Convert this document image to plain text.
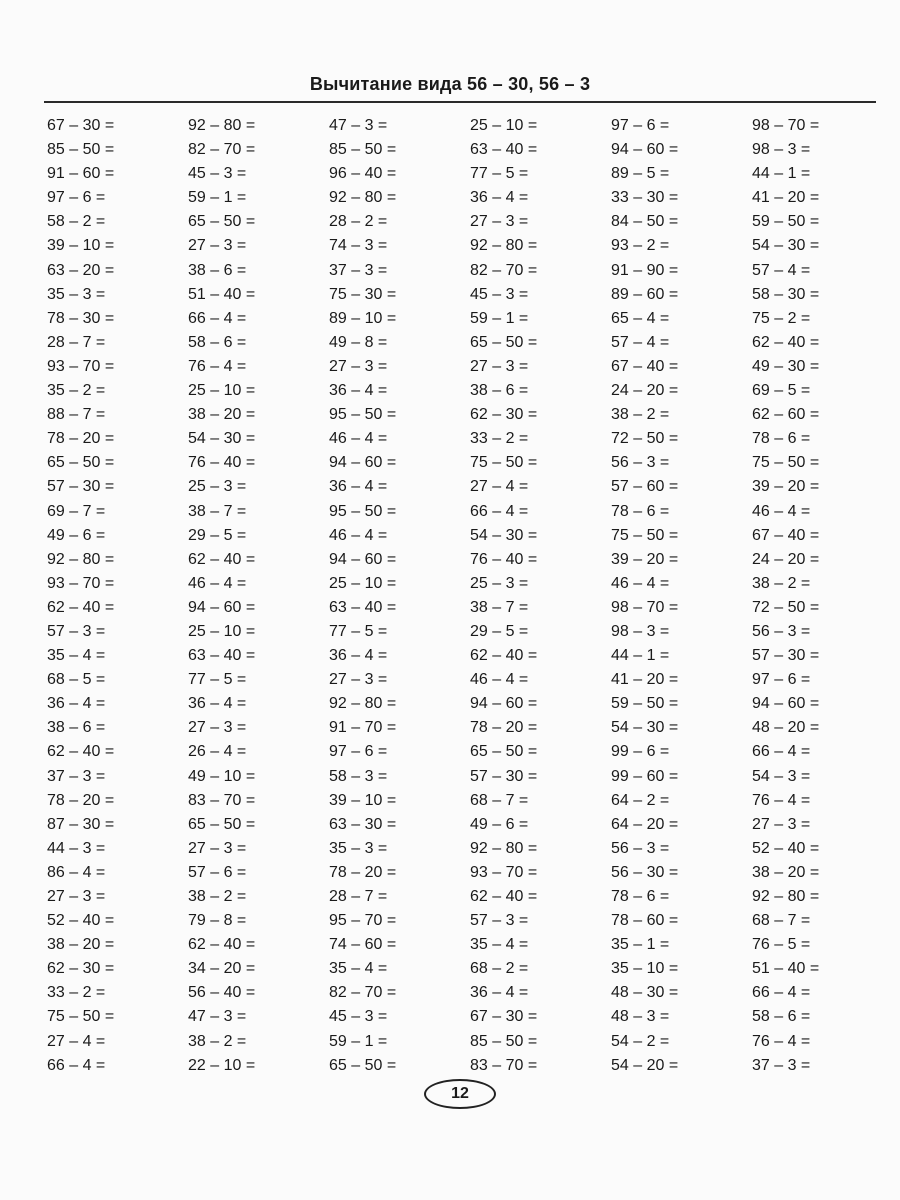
Вычитание вида 56 – 30, 56 – 3
67 – 30 =	92 – 80 =	47 – 3 =	25 – 10 =	97 – 6 =	98 – 70 =
85 – 50 =	82 – 70 =	85 – 50 =	63 – 40 =	94 – 60 =	98 – 3 =
91 – 60 =	45 – 3 =	96 – 40 =	77 – 5 =	89 – 5 =	44 – 1 =
97 – 6 =	59 – 1 =	92 – 80 =	36 – 4 =	33 – 30 =	41 – 20 =
58 – 2 =	65 – 50 =	28 – 2 =	27 – 3 =	84 – 50 =	59 – 50 =
39 – 10 =	27 – 3 =	74 – 3 =	92 – 80 =	93 – 2 =	54 – 30 =
63 – 20 =	38 – 6 =	37 – 3 =	82 – 70 =	91 – 90 =	57 – 4 =
35 – 3 =	51 – 40 =	75 – 30 =	45 – 3 =	89 – 60 =	58 – 30 =
78 – 30 =	66 – 4 =	89 – 10 =	59 – 1 =	65 – 4 =	75 – 2 =
28 – 7 =	58 – 6 =	49 – 8 =	65 – 50 =	57 – 4 =	62 – 40 =
93 – 70 =	76 – 4 =	27 – 3 =	27 – 3 =	67 – 40 =	49 – 30 =
35 – 2 =	25 – 10 =	36 – 4 =	38 – 6 =	24 – 20 =	69 – 5 =
88 – 7 =	38 – 20 =	95 – 50 =	62 – 30 =	38 – 2 =	62 – 60 =
78 – 20 =	54 – 30 =	46 – 4 =	33 – 2 =	72 – 50 =	78 – 6 =
65 – 50 =	76 – 40 =	94 – 60 =	75 – 50 =	56 – 3 =	75 – 50 =
57 – 30 =	25 – 3 =	36 – 4 =	27 – 4 =	57 – 60 =	39 – 20 =
69 – 7 =	38 – 7 =	95 – 50 =	66 – 4 =	78 – 6 =	46 – 4 =
49 – 6 =	29 – 5 =	46 – 4 =	54 – 30 =	75 – 50 =	67 – 40 =
92 – 80 =	62 – 40 =	94 – 60 =	76 – 40 =	39 – 20 =	24 – 20 =
93 – 70 =	46 – 4 =	25 – 10 =	25 – 3 =	46 – 4 =	38 – 2 =
62 – 40 =	94 – 60 =	63 – 40 =	38 – 7 =	98 – 70 =	72 – 50 =
57 – 3 =	25 – 10 =	77 – 5 =	29 – 5 =	98 – 3 =	56 – 3 =
35 – 4 =	63 – 40 =	36 – 4 =	62 – 40 =	44 – 1 =	57 – 30 =
68 – 5 =	77 – 5 =	27 – 3 =	46 – 4 =	41 – 20 =	97 – 6 =
36 – 4 =	36 – 4 =	92 – 80 =	94 – 60 =	59 – 50 =	94 – 60 =
38 – 6 =	27 – 3 =	91 – 70 =	78 – 20 =	54 – 30 =	48 – 20 =
62 – 40 =	26 – 4 =	97 – 6 =	65 – 50 =	99 – 6 =	66 – 4 =
37 – 3 =	49 – 10 =	58 – 3 =	57 – 30 =	99 – 60 =	54 – 3 =
78 – 20 =	83 – 70 =	39 – 10 =	68 – 7 =	64 – 2 =	76 – 4 =
87 – 30 =	65 – 50 =	63 – 30 =	49 – 6 =	64 – 20 =	27 – 3 =
44 – 3 =	27 – 3 =	35 – 3 =	92 – 80 =	56 – 3 =	52 – 40 =
86 – 4 =	57 – 6 =	78 – 20 =	93 – 70 =	56 – 30 =	38 – 20 =
27 – 3 =	38 – 2 =	28 – 7 =	62 – 40 =	78 – 6 =	92 – 80 =
52 – 40 =	79 – 8 =	95 – 70 =	57 – 3 =	78 – 60 =	68 – 7 =
38 – 20 =	62 – 40 =	74 – 60 =	35 – 4 =	35 – 1 =	76 – 5 =
62 – 30 =	34 – 20 =	35 – 4 =	68 – 2 =	35 – 10 =	51 – 40 =
33 – 2 =	56 – 40 =	82 – 70 =	36 – 4 =	48 – 30 =	66 – 4 =
75 – 50 =	47 – 3 =	45 – 3 =	67 – 30 =	48 – 3 =	58 – 6 =
27 – 4 =	38 – 2 =	59 – 1 =	85 – 50 =	54 – 2 =	76 – 4 =
66 – 4 =	22 – 10 =	65 – 50 =	83 – 70 =	54 – 20 =	37 – 3 =
12
